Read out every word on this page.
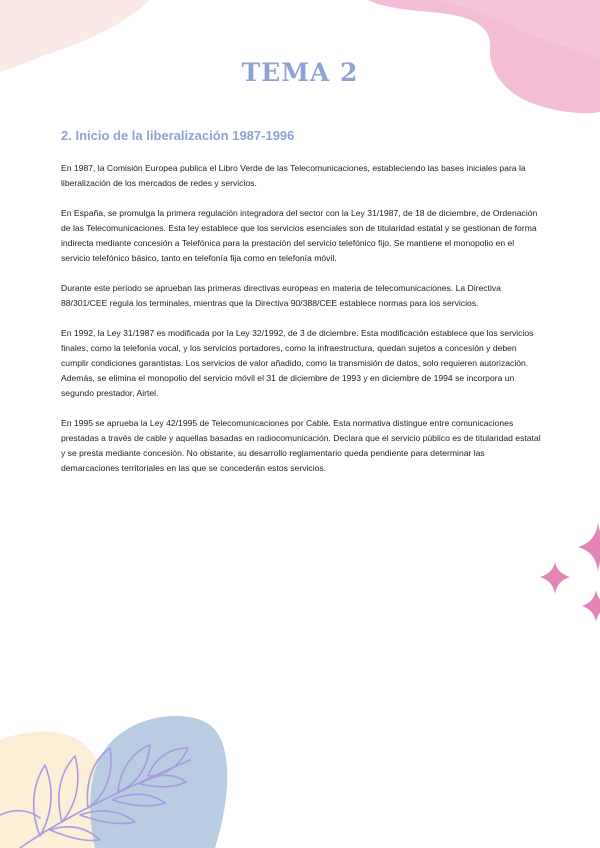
TEMA 2
2. Inicio de la liberalización 1987-1996

En 1987, la Comisión Europea publica el Libro Verde de las Telecomunicaciones, estableciendo las bases iniciales para la liberalización de los mercados de redes y servicios.

En España, se promulga la primera regulación integradora del sector con la Ley 31/1987, de 18 de diciembre, de Ordenación de las Telecomunicaciones. Esta ley establece que los servicios esenciales son de titularidad estatal y se gestionan de forma indirecta mediante concesión a Telefónica para la prestación del servicio telefónico fijo. Se mantiene el monopolio en el servicio telefónico básico, tanto en telefonía fija como en telefonía móvil.

Durante este período se aprueban las primeras directivas europeas en materia de telecomunicaciones. La Directiva 88/301/CEE regula los terminales, mientras que la Directiva 90/388/CEE establece normas para los servicios.

En 1992, la Ley 31/1987 es modificada por la Ley 32/1992, de 3 de diciembre. Esta modificación establece que los servicios finales, como la telefonía vocal, y los servicios portadores, como la infraestructura, quedan sujetos a concesión y deben cumplir condiciones garantistas. Los servicios de valor añadido, como la transmisión de datos, solo requieren autorización. Además, se elimina el monopolio del servicio móvil el 31 de diciembre de 1993 y en diciembre de 1994 se incorpora un segundo prestador, Airtel.

En 1995 se aprueba la Ley 42/1995 de Telecomunicaciones por Cable. Esta normativa distingue entre comunicaciones prestadas a través de cable y aquellas basadas en radiocomunicación. Declara que el servicio público es de titularidad estatal y se presta mediante concesión. No obstante, su desarrollo reglamentario queda pendiente para determinar las demarcaciones territoriales en las que se concederán estos servicios.
